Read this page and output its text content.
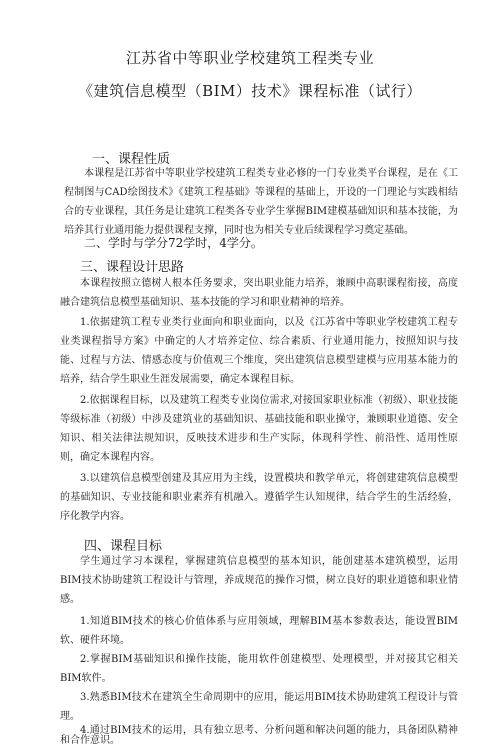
江苏省中等职业学校建筑工程类专业
《建筑信息模型（BIM）技术》课程标准（试行）
一、课程性质
本课程是江苏省中等职业学校建筑工程类专业必修的一门专业类平台课程，是在《工程制图与CAD绘图技术》《建筑工程基础》等课程的基础上，开设的一门理论与实践相结合的专业课程，其任务是让建筑工程类各专业学生掌握BIM建模基础知识和基本技能，为培养其行业通用能力提供课程支撑，同时也为相关专业后续课程学习奠定基础。
二、学时与学分72学时，4学分。
三、课程设计思路
本课程按照立德树人根本任务要求，突出职业能力培养，兼顾中高职课程衔接，高度融合建筑信息模型基础知识、基本技能的学习和职业精神的培养。
1.依据建筑工程专业类行业面向和职业面向，以及《江苏省中等职业学校建筑工程专业类课程指导方案》中确定的人才培养定位、综合素质、行业通用能力，按照知识与技能、过程与方法、情感态度与价值观三个维度，突出建筑信息模型建模与应用基本能力的培养，结合学生职业生涯发展需要，确定本课程目标。
2.依据课程目标，以及建筑工程类专业岗位需求,对接国家职业标准（初级）、职业技能等级标准（初级）中涉及建筑业的基础知识、基础技能和职业操守，兼顾职业道德、安全知识、相关法律法规知识，反映技术进步和生产实际，体现科学性、前沿性、适用性原则，确定本课程内容。
3.以建筑信息模型创建及其应用为主线，设置模块和教学单元，将创建建筑信息模型的基础知识、专业技能和职业素养有机融入。遵循学生认知规律，结合学生的生活经验，序化教学内容。
四、课程目标
学生通过学习本课程，掌握建筑信息模型的基本知识，能创建基本建筑模型，运用BIM技术协助建筑工程设计与管理，养成规范的操作习惯，树立良好的职业道德和职业情感。
1.知道BIM技术的核心价值体系与应用领域，理解BIM基本参数表达，能设置BIM软、硬件环境。
2.掌握BIM基础知识和操作技能，能用软件创建模型、处理模型，并对接其它相关BIM软件。
3.熟悉BIM技术在建筑全生命周期中的应用，能运用BIM技术协助建筑工程设计与管理。
4.通过BIM技术的运用，具有独立思考、分析问题和解决问题的能力，具备团队精神和合作意识。
